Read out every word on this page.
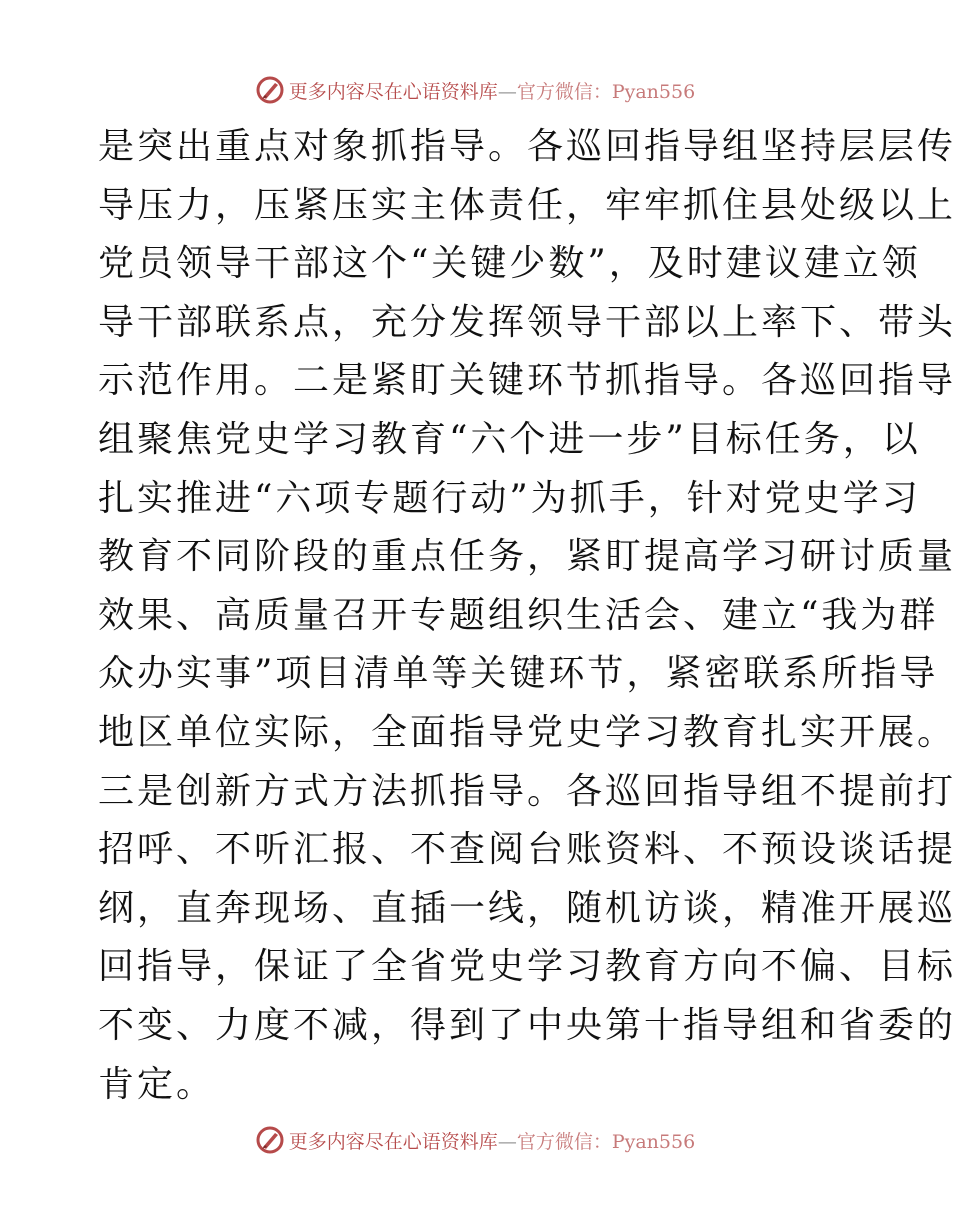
更多内容尽在心语资料库—官方微信：Pyan556
是突出重点对象抓指导。各巡回指导组坚持层层传
导压力，压紧压实主体责任，牢牢抓住县处级以上
党员领导干部这个“关键少数”，及时建议建立领
导干部联系点，充分发挥领导干部以上率下、带头
示范作用。二是紧盯关键环节抓指导。各巡回指导
组聚焦党史学习教育“六个进一步”目标任务，以
扎实推进“六项专题行动”为抓手，针对党史学习
教育不同阶段的重点任务，紧盯提高学习研讨质量
效果、高质量召开专题组织生活会、建立“我为群
众办实事”项目清单等关键环节，紧密联系所指导
地区单位实际，全面指导党史学习教育扎实开展。
三是创新方式方法抓指导。各巡回指导组不提前打
招呼、不听汇报、不查阅台账资料、不预设谈话提
纲，直奔现场、直插一线，随机访谈，精准开展巡
回指导，保证了全省党史学习教育方向不偏、目标
不变、力度不减，得到了中央第十指导组和省委的
肯定。
更多内容尽在心语资料库—官方微信：Pyan556
